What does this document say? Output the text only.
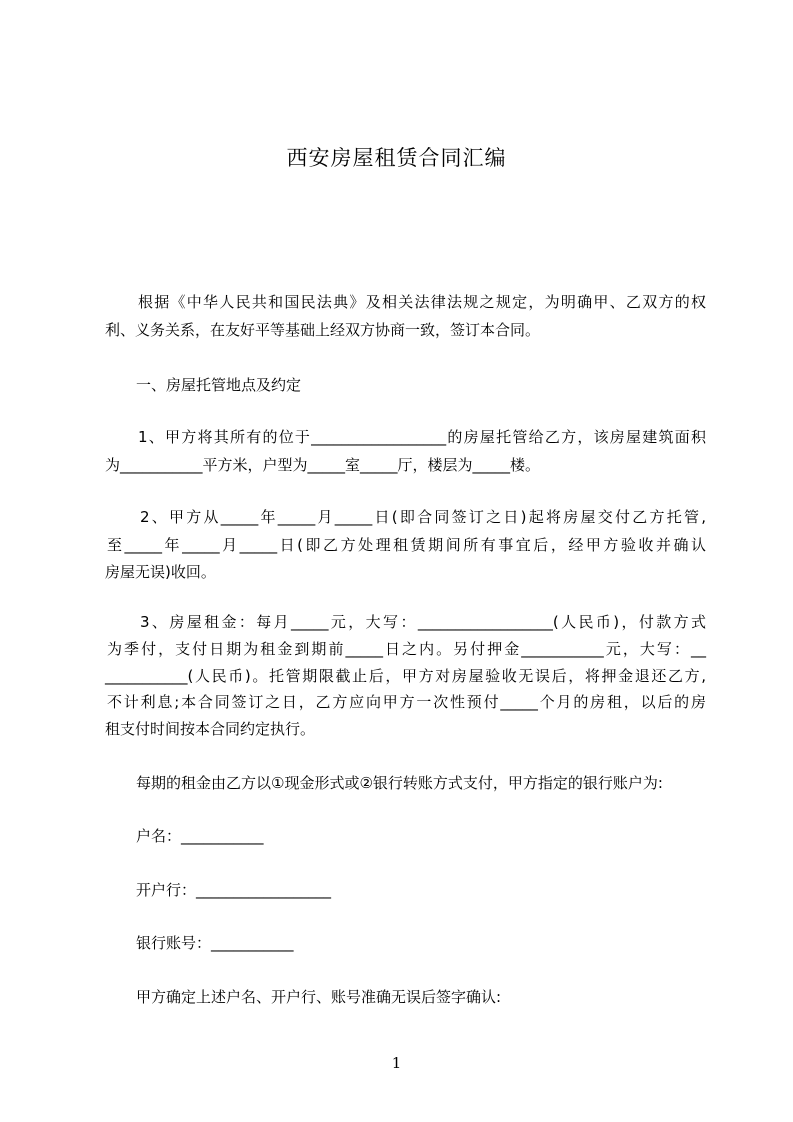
西安房屋租赁合同汇编
根据《中华人民共和国民法典》及相关法律法规之规定，为明确甲、乙双方的权
利、义务关系，在友好平等基础上经双方协商一致，签订本合同。
一、房屋托管地点及约定
1、甲方将其所有的位于__________________的房屋托管给乙方，该房屋建筑面积
为___________平方米，户型为_____室_____厅，楼层为_____楼。
2、甲方从_____年_____月_____日(即合同签订之日)起将房屋交付乙方托管,
至_____年_____月_____日(即乙方处理租赁期间所有事宜后，经甲方验收并确认
房屋无误)收回。
3、房屋租金：每月_____元，大写：__________________(人民币)，付款方式
为季付，支付日期为租金到期前_____日之内。另付押金___________元，大写：__
___________(人民币)。托管期限截止后，甲方对房屋验收无误后，将押金退还乙方,
不计利息;本合同签订之日，乙方应向甲方一次性预付_____个月的房租，以后的房
租支付时间按本合同约定执行。
每期的租金由乙方以①现金形式或②银行转账方式支付，甲方指定的银行账户为:
户名：___________
开户行：__________________
银行账号：___________
甲方确定上述户名、开户行、账号准确无误后签字确认:
1
